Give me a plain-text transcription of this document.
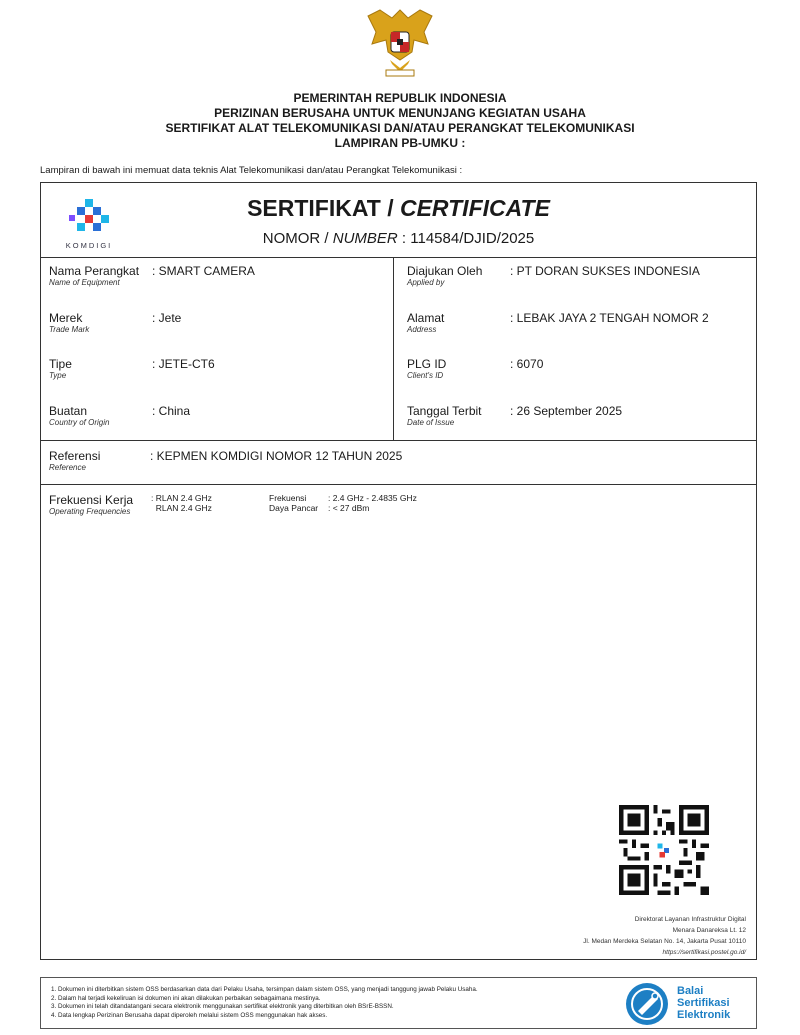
PEMERINTAH REPUBLIK INDONESIA
PERIZINAN BERUSAHA UNTUK MENUNJANG KEGIATAN USAHA
SERTIFIKAT ALAT TELEKOMUNIKASI DAN/ATAU PERANGKAT TELEKOMUNIKASI
LAMPIRAN PB-UMKU :
Lampiran di bawah ini memuat data teknis Alat Telekomunikasi dan/atau Perangkat Telekomunikasi :
KOMDIGI
SERTIFIKAT / CERTIFICATE
NOMOR / NUMBER : 114584/DJID/2025
Nama Perangkat
Name of Equipment
: SMART CAMERA
Merek
Trade Mark
: Jete
Tipe
Type
: JETE-CT6
Buatan
Country of Origin
: China
Diajukan Oleh
Applied by
: PT DORAN SUKSES INDONESIA
Alamat
Address
: LEBAK JAYA 2 TENGAH NOMOR 2
PLG ID
Client's ID
: 6070
Tanggal Terbit
Date of Issue
: 26 September 2025
Referensi
Reference
: KEPMEN KOMDIGI NOMOR 12 TAHUN 2025
Frekuensi Kerja
Operating Frequencies
: RLAN 2.4 GHz
RLAN 2.4 GHz
Frekuensi
Daya Pancar
: 2.4 GHz - 2.4835 GHz
: < 27 dBm
Direktorat Layanan Infrastruktur Digital
Menara Danareksa Lt. 12
Jl. Medan Merdeka Selatan No. 14, Jakarta Pusat 10110
https://sertifikasi.postel.go.id/
1. Dokumen ini diterbitkan sistem OSS berdasarkan data dari Pelaku Usaha, tersimpan dalam sistem OSS, yang menjadi tanggung jawab Pelaku Usaha.
2. Dalam hal terjadi kekeliruan isi dokumen ini akan dilakukan perbaikan sebagaimana mestinya.
3. Dokumen ini telah ditandatangani secara elektronik menggunakan sertifikat elektronik yang diterbitkan oleh BSrE-BSSN.
4. Data lengkap Perizinan Berusaha dapat diperoleh melalui sistem OSS menggunakan hak akses.
Balai
Sertifikasi
Elektronik
